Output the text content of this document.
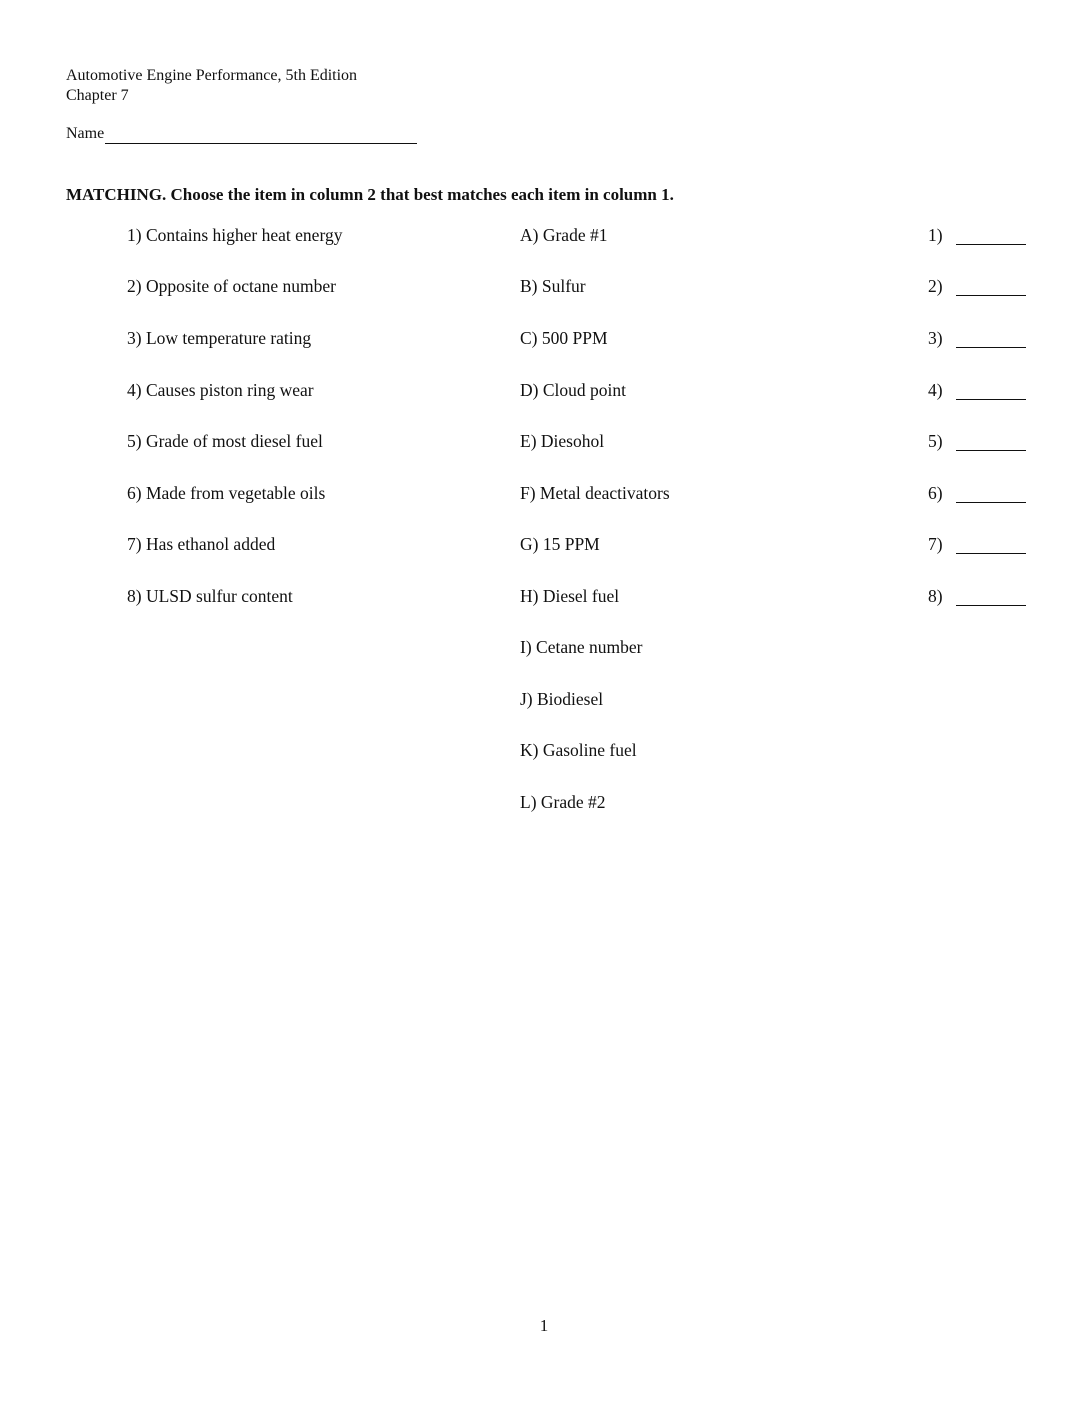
Automotive Engine Performance, 5th Edition
Chapter 7
Name
MATCHING. Choose the item in column 2 that best matches each item in column 1.
1) Contains higher heat energy
2) Opposite of octane number
3) Low temperature rating
4) Causes piston ring wear
5) Grade of most diesel fuel
6) Made from vegetable oils
7) Has ethanol added
8) ULSD sulfur content
A) Grade #1
B) Sulfur
C) 500 PPM
D) Cloud point
E) Diesohol
F) Metal deactivators
G) 15 PPM
H) Diesel fuel
I) Cetane number
J) Biodiesel
K) Gasoline fuel
L) Grade #2
1)
2)
3)
4)
5)
6)
7)
8)
1
